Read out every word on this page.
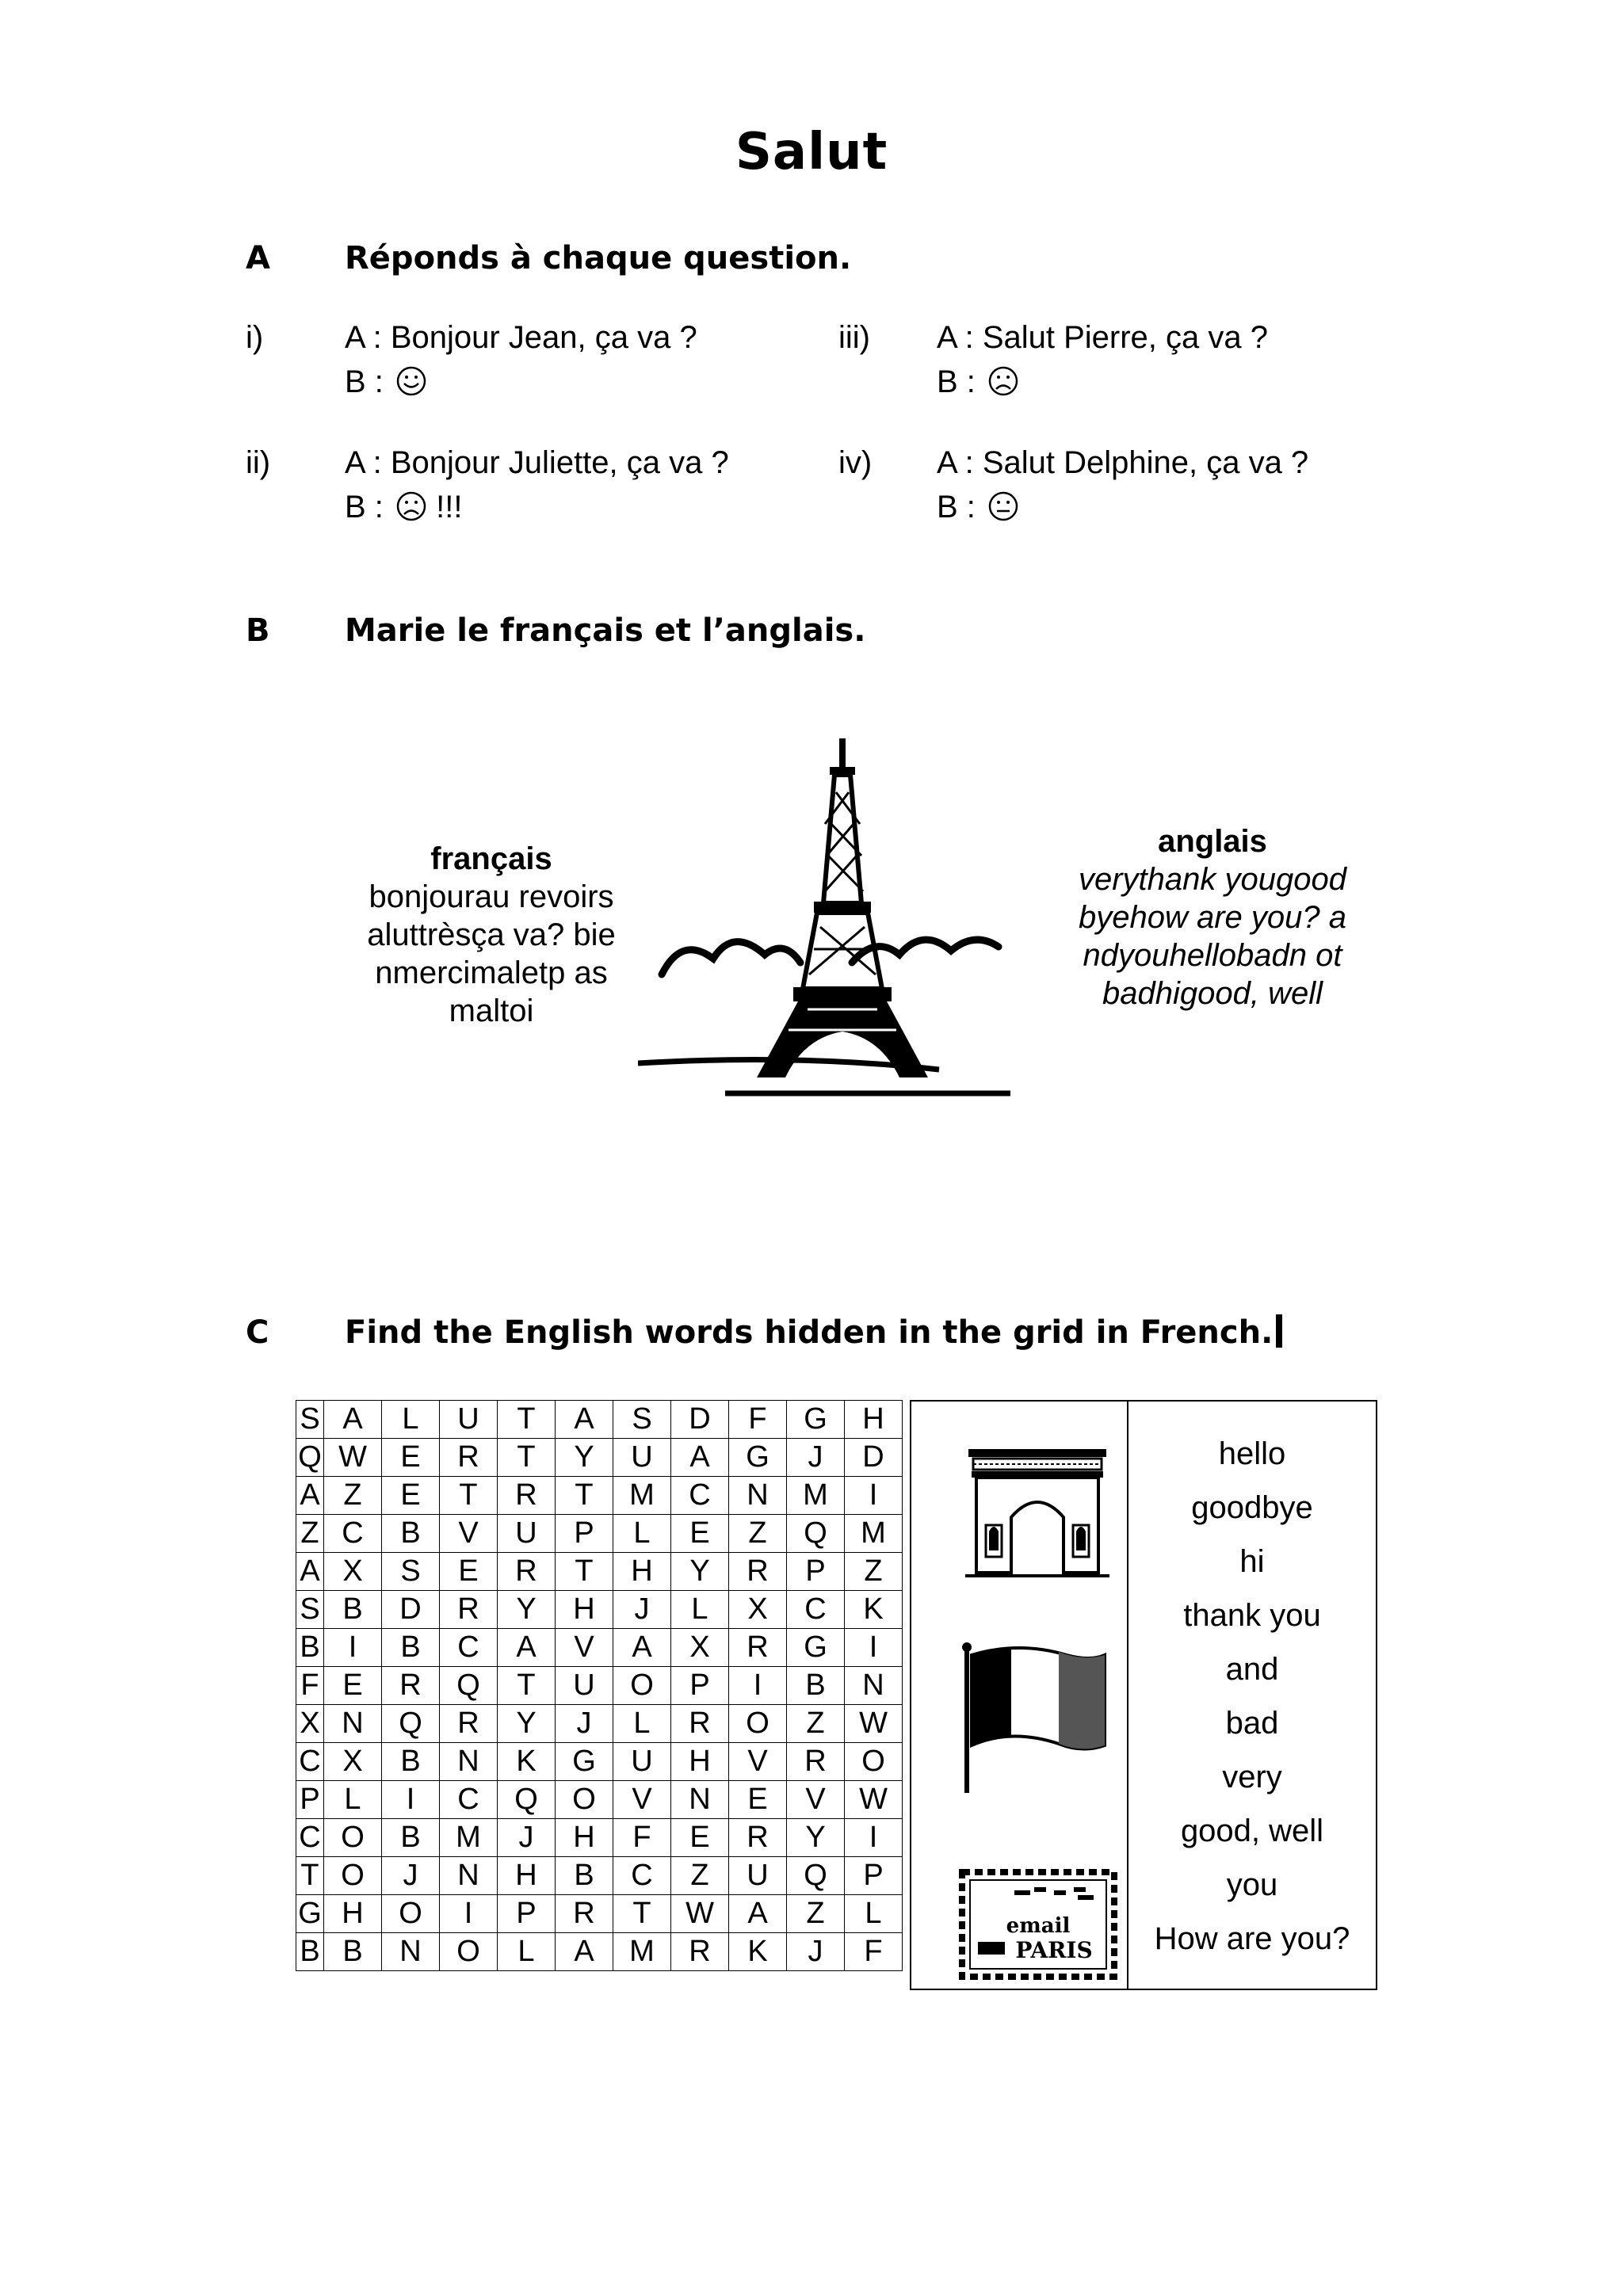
Salut
A Réponds à chaque question.
i)	A : Bonjour Jean, ça va ?
B :
ii) A : Bonjour Juliette, ça va ?
B : !!!
iii) A : Salut Pierre, ça va ?
B :
iv) A : Salut Delphine, ça va ?
B :
B Marie le français et l’anglais.
français
bonjourau revoirsaluttrèsça va? bienmercimaletp as maltoi
anglais
verythank yougoodbyehow are you? andyouhellobadn ot badhigood, well
C Find the English words hidden in the grid in French.
S	A	L	U	T	A	S	D	F	G	H
Q	W	E	R	T	Y	U	A	G	J	D
A	Z	E	T	R	T	M	C	N	M	I
Z	C	B	V	U	P	L	E	Z	Q	M
A	X	S	E	R	T	H	Y	R	P	Z
S	B	D	R	Y	H	J	L	X	C	K
B	I	B	C	A	V	A	X	R	G	I
F	E	R	Q	T	U	O	P	I	B	N
X	N	Q	R	Y	J	L	R	O	Z	W
C	X	B	N	K	G	U	H	V	R	O
P	L	I	C	Q	O	V	N	E	V	W
C	O	B	M	J	H	F	E	R	Y	I
T	O	J	N	H	B	C	Z	U	Q	P
G	H	O	I	P	R	T	W	A	Z	L
B	B	N	O	L	A	M	R	K	J	F
email
PARIS
hello
goodbye
hi
thank you
and
bad
very
good, well
you
How are you?
